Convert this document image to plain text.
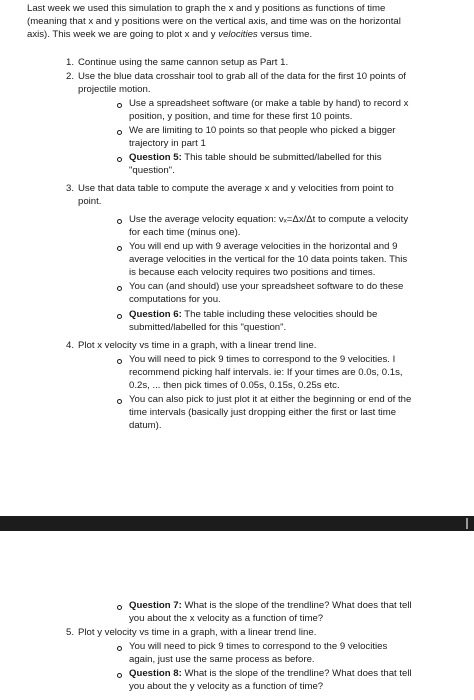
Last week we used this simulation to graph the x and y positions as functions of time
(meaning that x and y positions were on the vertical axis, and time was on the horizontal
axis). This week we are going to plot x and y velocities versus time.
1. Continue using the same cannon setup as Part 1.
2. Use the blue data crosshair tool to grab all of the data for the first 10 points of
projectile motion.
Use a spreadsheet software (or make a table by hand) to record x
position, y position, and time for these first 10 points.
We are limiting to 10 points so that people who picked a bigger
trajectory in part 1
Question 5: This table should be submitted/labelled for this
"question".
3. Use that data table to compute the average x and y velocities from point to
point.
Use the average velocity equation: vₓ=Δx/Δt to compute a velocity
for each time (minus one).
You will end up with 9 average velocities in the horizontal and 9
average velocities in the vertical for the 10 data points taken. This
is because each velocity requires two positions and times.
You can (and should) use your spreadsheet software to do these
computations for you.
Question 6: The table including these velocities should be
submitted/labelled for this "question".
4. Plot x velocity vs time in a graph, with a linear trend line.
You will need to pick 9 times to correspond to the 9 velocities. I
recommend picking half intervals. ie: If your times are 0.0s, 0.1s,
0.2s, ... then pick times of 0.05s, 0.15s, 0.25s etc.
You can also pick to just plot it at either the beginning or end of the
time intervals (basically just dropping either the first or last time
datum).
Question 7: What is the slope of the trendline? What does that tell
you about the x velocity as a function of time?
5. Plot y velocity vs time in a graph, with a linear trend line.
You will need to pick 9 times to correspond to the 9 velocities
again, just use the same process as before.
Question 8: What is the slope of the trendline? What does that tell
you about the y velocity as a function of time?
